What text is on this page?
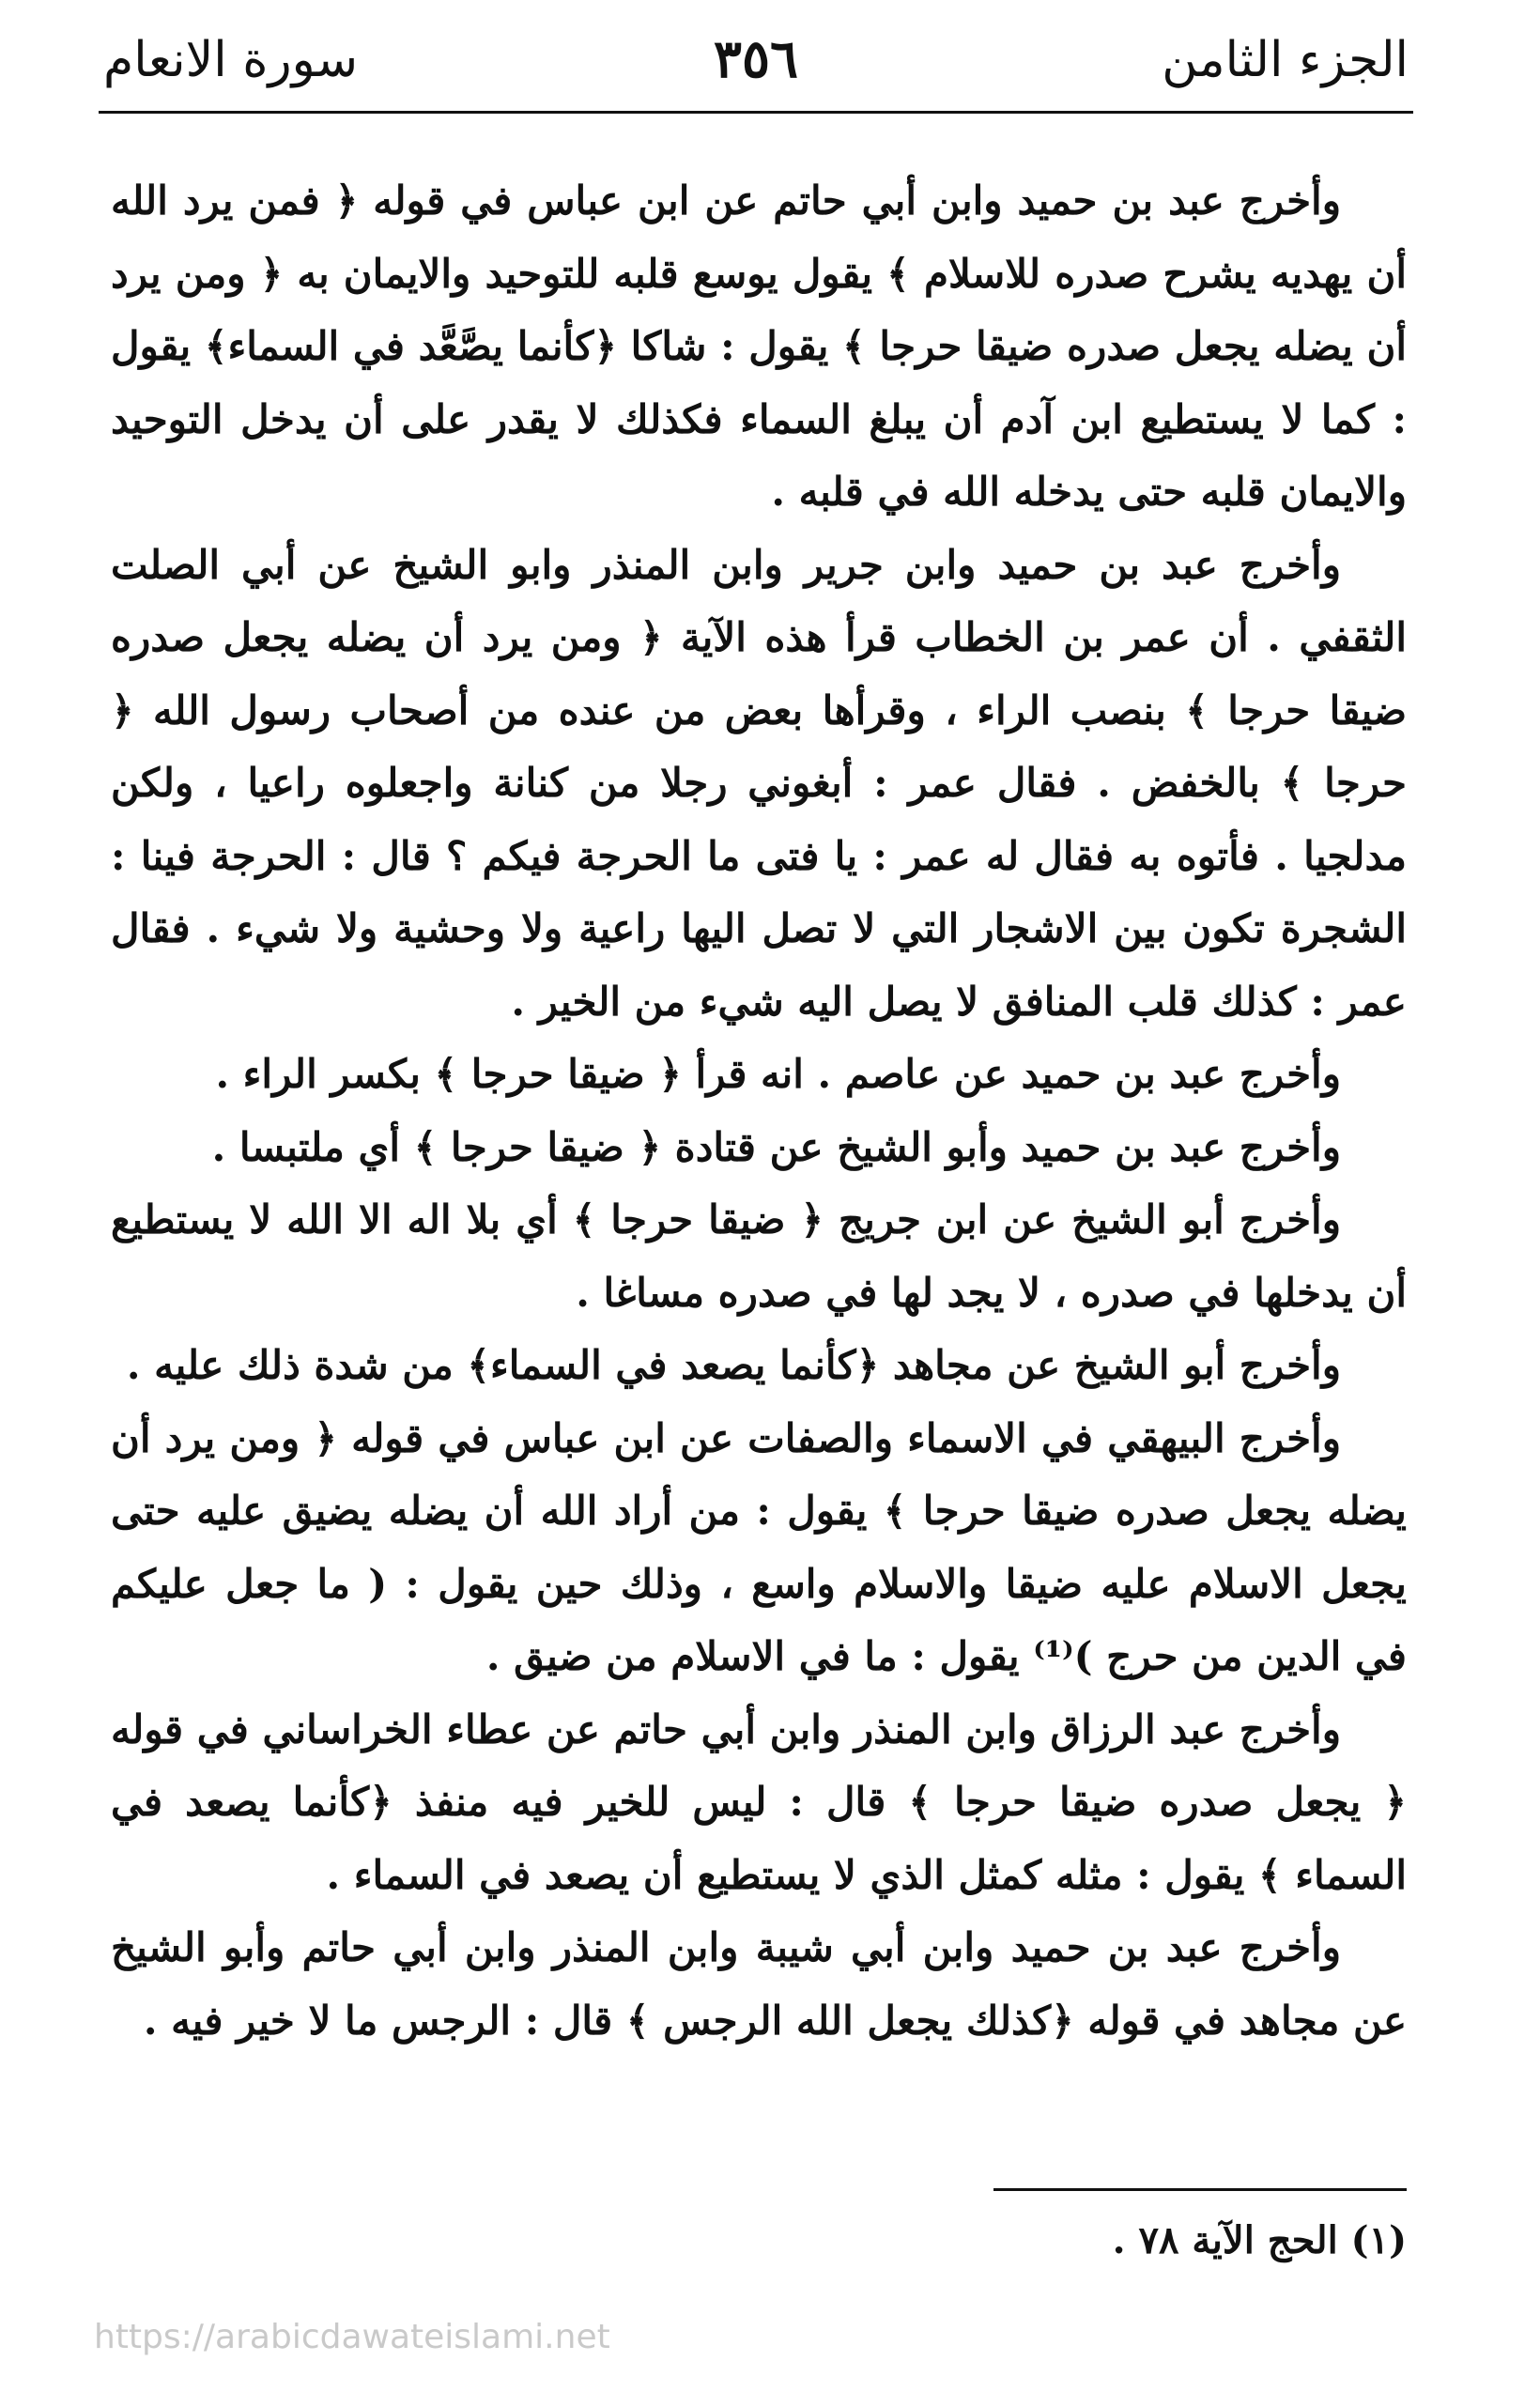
الجزء الثامن
٣٥٦
سورة الانعام

وأخرج عبد بن حميد وابن أبي حاتم عن ابن عباس في قوله ﴿ فمن يرد الله أن يهديه يشرح صدره للاسلام ﴾ يقول يوسع قلبه للتوحيد والايمان به ﴿ ومن يرد أن يضله يجعل صدره ضيقا حرجا ﴾ يقول : شاكا ﴿كأنما يصَّعَّد في السماء﴾ يقول : كما لا يستطيع ابن آدم أن يبلغ السماء فكذلك لا يقدر على أن يدخل التوحيد والايمان قلبه حتى يدخله الله في قلبه .

وأخرج عبد بن حميد وابن جرير وابن المنذر وابو الشيخ عن أبي الصلت الثقفي . أن عمر بن الخطاب قرأ هذه الآية ﴿ ومن يرد أن يضله يجعل صدره ضيقا حرجا ﴾ بنصب الراء ، وقرأها بعض من عنده من أصحاب رسول الله ﴿ حرجا ﴾ بالخفض . فقال عمر : أبغوني رجلا من كنانة واجعلوه راعيا ، ولكن مدلجيا . فأتوه به فقال له عمر : يا فتى ما الحرجة فيكم ؟ قال : الحرجة فينا : الشجرة تكون بين الاشجار التي لا تصل اليها راعية ولا وحشية ولا شيء . فقال عمر : كذلك قلب المنافق لا يصل اليه شيء من الخير .

وأخرج عبد بن حميد عن عاصم . انه قرأ ﴿ ضيقا حرجا ﴾ بكسر الراء .

وأخرج عبد بن حميد وأبو الشيخ عن قتادة ﴿ ضيقا حرجا ﴾ أي ملتبسا .

وأخرج أبو الشيخ عن ابن جريج ﴿ ضيقا حرجا ﴾ أي بلا اله الا الله لا يستطيع أن يدخلها في صدره ، لا يجد لها في صدره مساغا .

وأخرج أبو الشيخ عن مجاهد ﴿كأنما يصعد في السماء﴾ من شدة ذلك عليه .

وأخرج البيهقي في الاسماء والصفات عن ابن عباس في قوله ﴿ ومن يرد أن يضله يجعل صدره ضيقا حرجا ﴾ يقول : من أراد الله أن يضله يضيق عليه حتى يجعل الاسلام عليه ضيقا والاسلام واسع ، وذلك حين يقول : ( ما جعل عليكم في الدين من حرج )⁽¹⁾ يقول : ما في الاسلام من ضيق .

وأخرج عبد الرزاق وابن المنذر وابن أبي حاتم عن عطاء الخراساني في قوله ﴿ يجعل صدره ضيقا حرجا ﴾ قال : ليس للخير فيه منفذ ﴿كأنما يصعد في السماء ﴾ يقول : مثله كمثل الذي لا يستطيع أن يصعد في السماء .

وأخرج عبد بن حميد وابن أبي شيبة وابن المنذر وابن أبي حاتم وأبو الشيخ عن مجاهد في قوله ﴿كذلك يجعل الله الرجس ﴾ قال : الرجس ما لا خير فيه .

(١) الحج الآية ٧٨ .
https://arabicdawateislami.net
